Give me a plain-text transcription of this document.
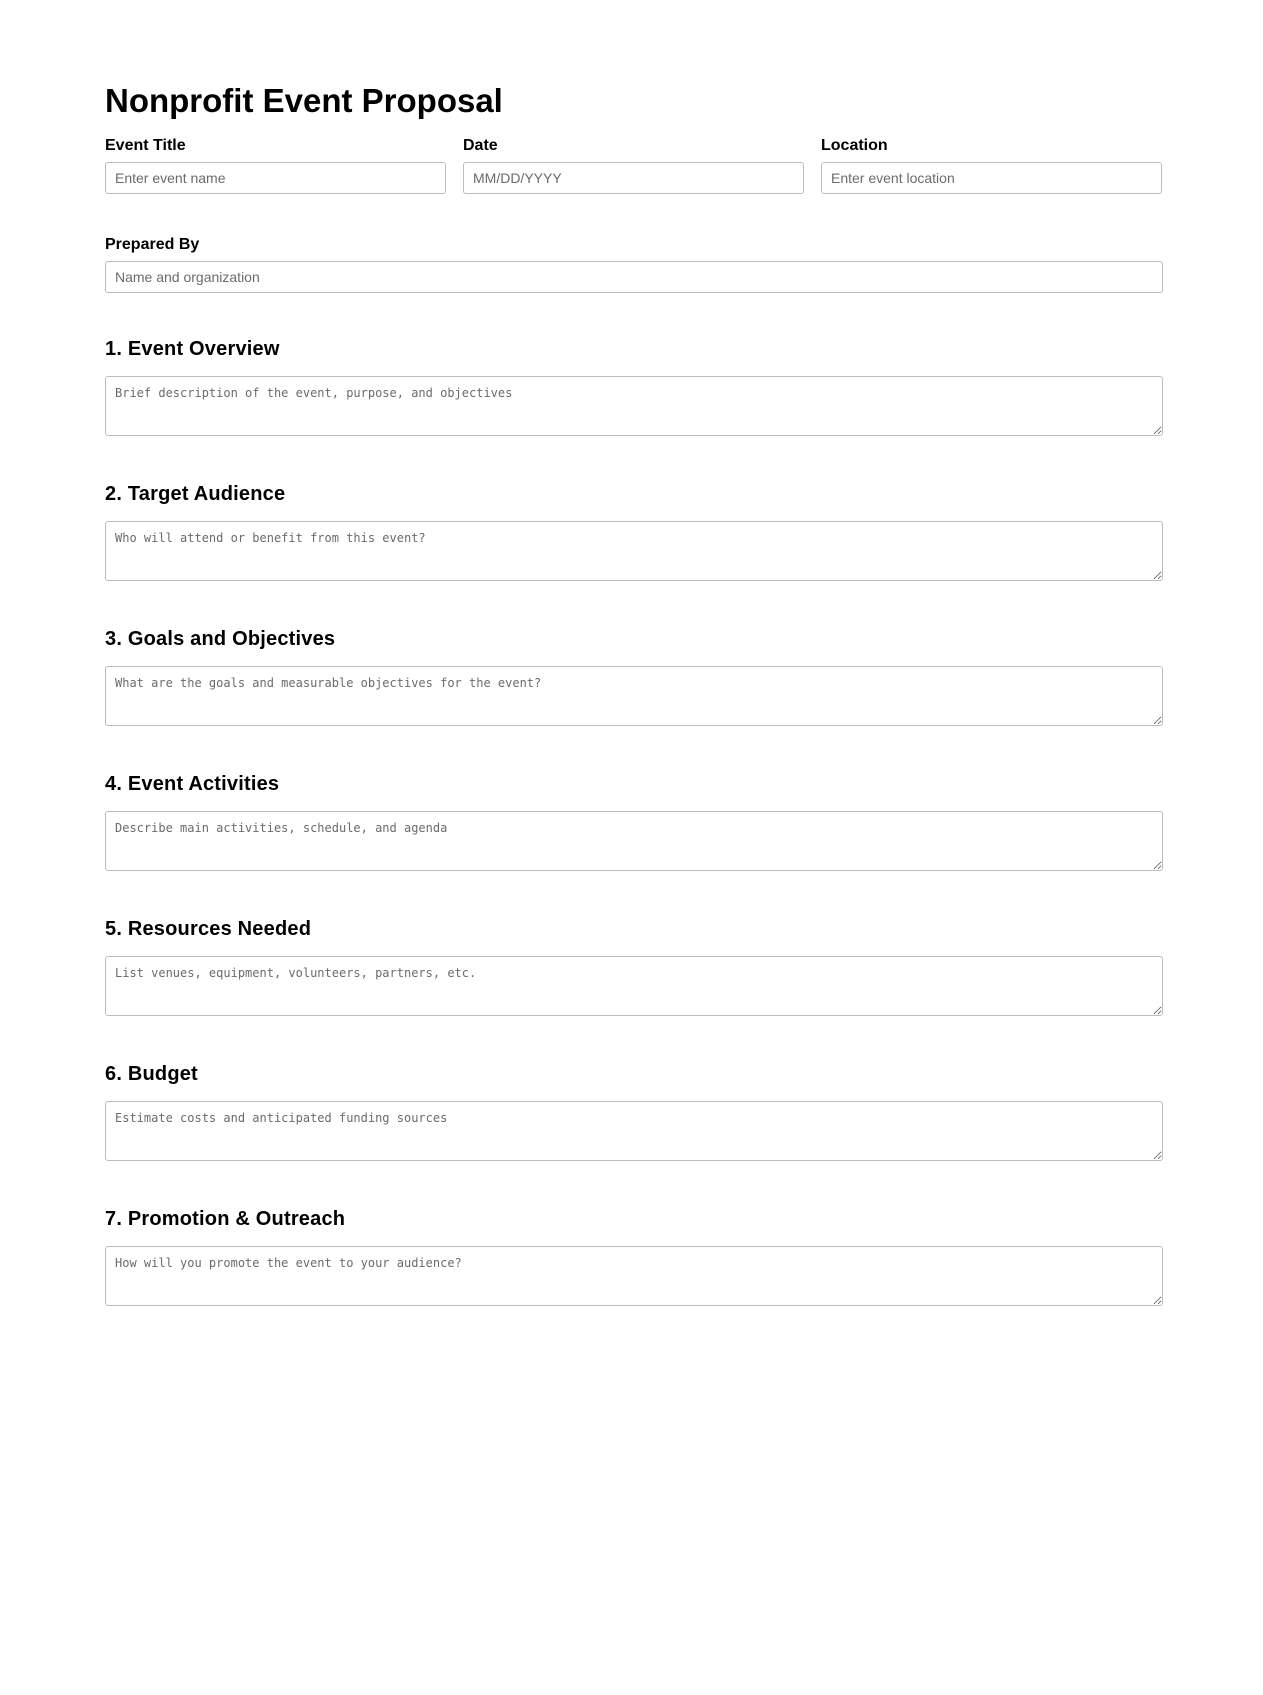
Nonprofit Event Proposal
Event Title
Enter event name	Date
MM/DD/YYYY	Location
Enter event location
Prepared By
Name and organization
1. Event Overview
Brief description of the event, purpose, and objectives
2. Target Audience
Who will attend or benefit from this event?
3. Goals and Objectives
What are the goals and measurable objectives for the event?
4. Event Activities
Describe main activities, schedule, and agenda
5. Resources Needed
List venues, equipment, volunteers, partners, etc.
6. Budget
Estimate costs and anticipated funding sources
7. Promotion & Outreach
How will you promote the event to your audience?
